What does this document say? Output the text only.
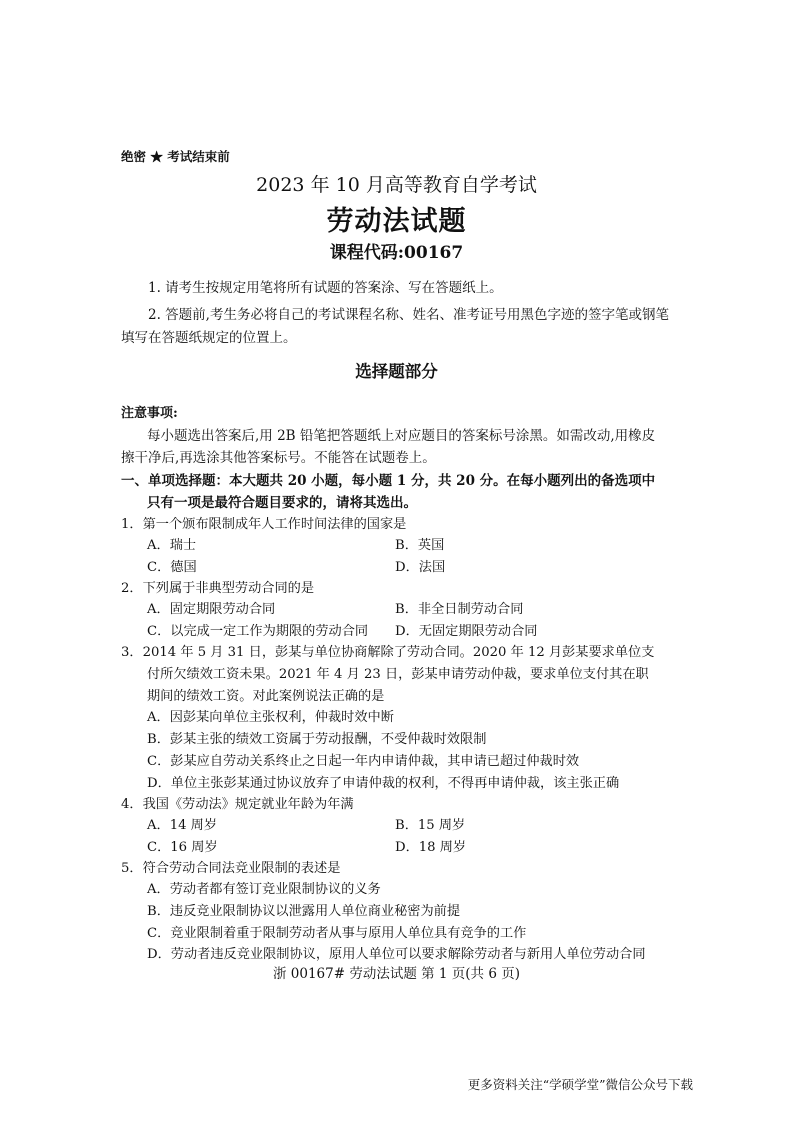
绝密 ★ 考试结束前
2023 年 10 月高等教育自学考试
劳动法试题
课程代码:00167
1. 请考生按规定用笔将所有试题的答案涂、写在答题纸上。
2. 答题前,考生务必将自己的考试课程名称、姓名、准考证号用黑色字迹的签字笔或钢笔
填写在答题纸规定的位置上。
选择题部分
注意事项:
每小题选出答案后,用 2B 铅笔把答题纸上对应题目的答案标号涂黑。如需改动,用橡皮
擦干净后,再选涂其他答案标号。不能答在试题卷上。
一、单项选择题：本大题共 20 小题，每小题 1 分，共 20 分。在每小题列出的备选项中
只有一项是最符合题目要求的，请将其选出。
1．第一个颁布限制成年人工作时间法律的国家是
A．瑞士	B．英国
C．德国	D．法国
2．下列属于非典型劳动合同的是
A．固定期限劳动合同	B．非全日制劳动合同
C．以完成一定工作为期限的劳动合同 D．无固定期限劳动合同
3．2014 年 5 月 31 日，彭某与单位协商解除了劳动合同。2020 年 12 月彭某要求单位支
付所欠绩效工资未果。2021 年 4 月 23 日，彭某申请劳动仲裁，要求单位支付其在职
期间的绩效工资。对此案例说法正确的是
A．因彭某向单位主张权利，仲裁时效中断
B．彭某主张的绩效工资属于劳动报酬，不受仲裁时效限制
C．彭某应自劳动关系终止之日起一年内申请仲裁，其申请已超过仲裁时效
D．单位主张彭某通过协议放弃了申请仲裁的权利，不得再申请仲裁，该主张正确
4．我国《劳动法》规定就业年龄为年满
A．14 周岁	B．15 周岁
C．16 周岁	D．18 周岁
5．符合劳动合同法竞业限制的表述是
A．劳动者都有签订竞业限制协议的义务
B．违反竞业限制协议以泄露用人单位商业秘密为前提
C．竞业限制着重于限制劳动者从事与原用人单位具有竞争的工作
D．劳动者违反竞业限制协议，原用人单位可以要求解除劳动者与新用人单位劳动合同
浙 00167# 劳动法试题 第 1 页(共 6 页)
更多资料关注“学硕学堂”微信公众号下载
